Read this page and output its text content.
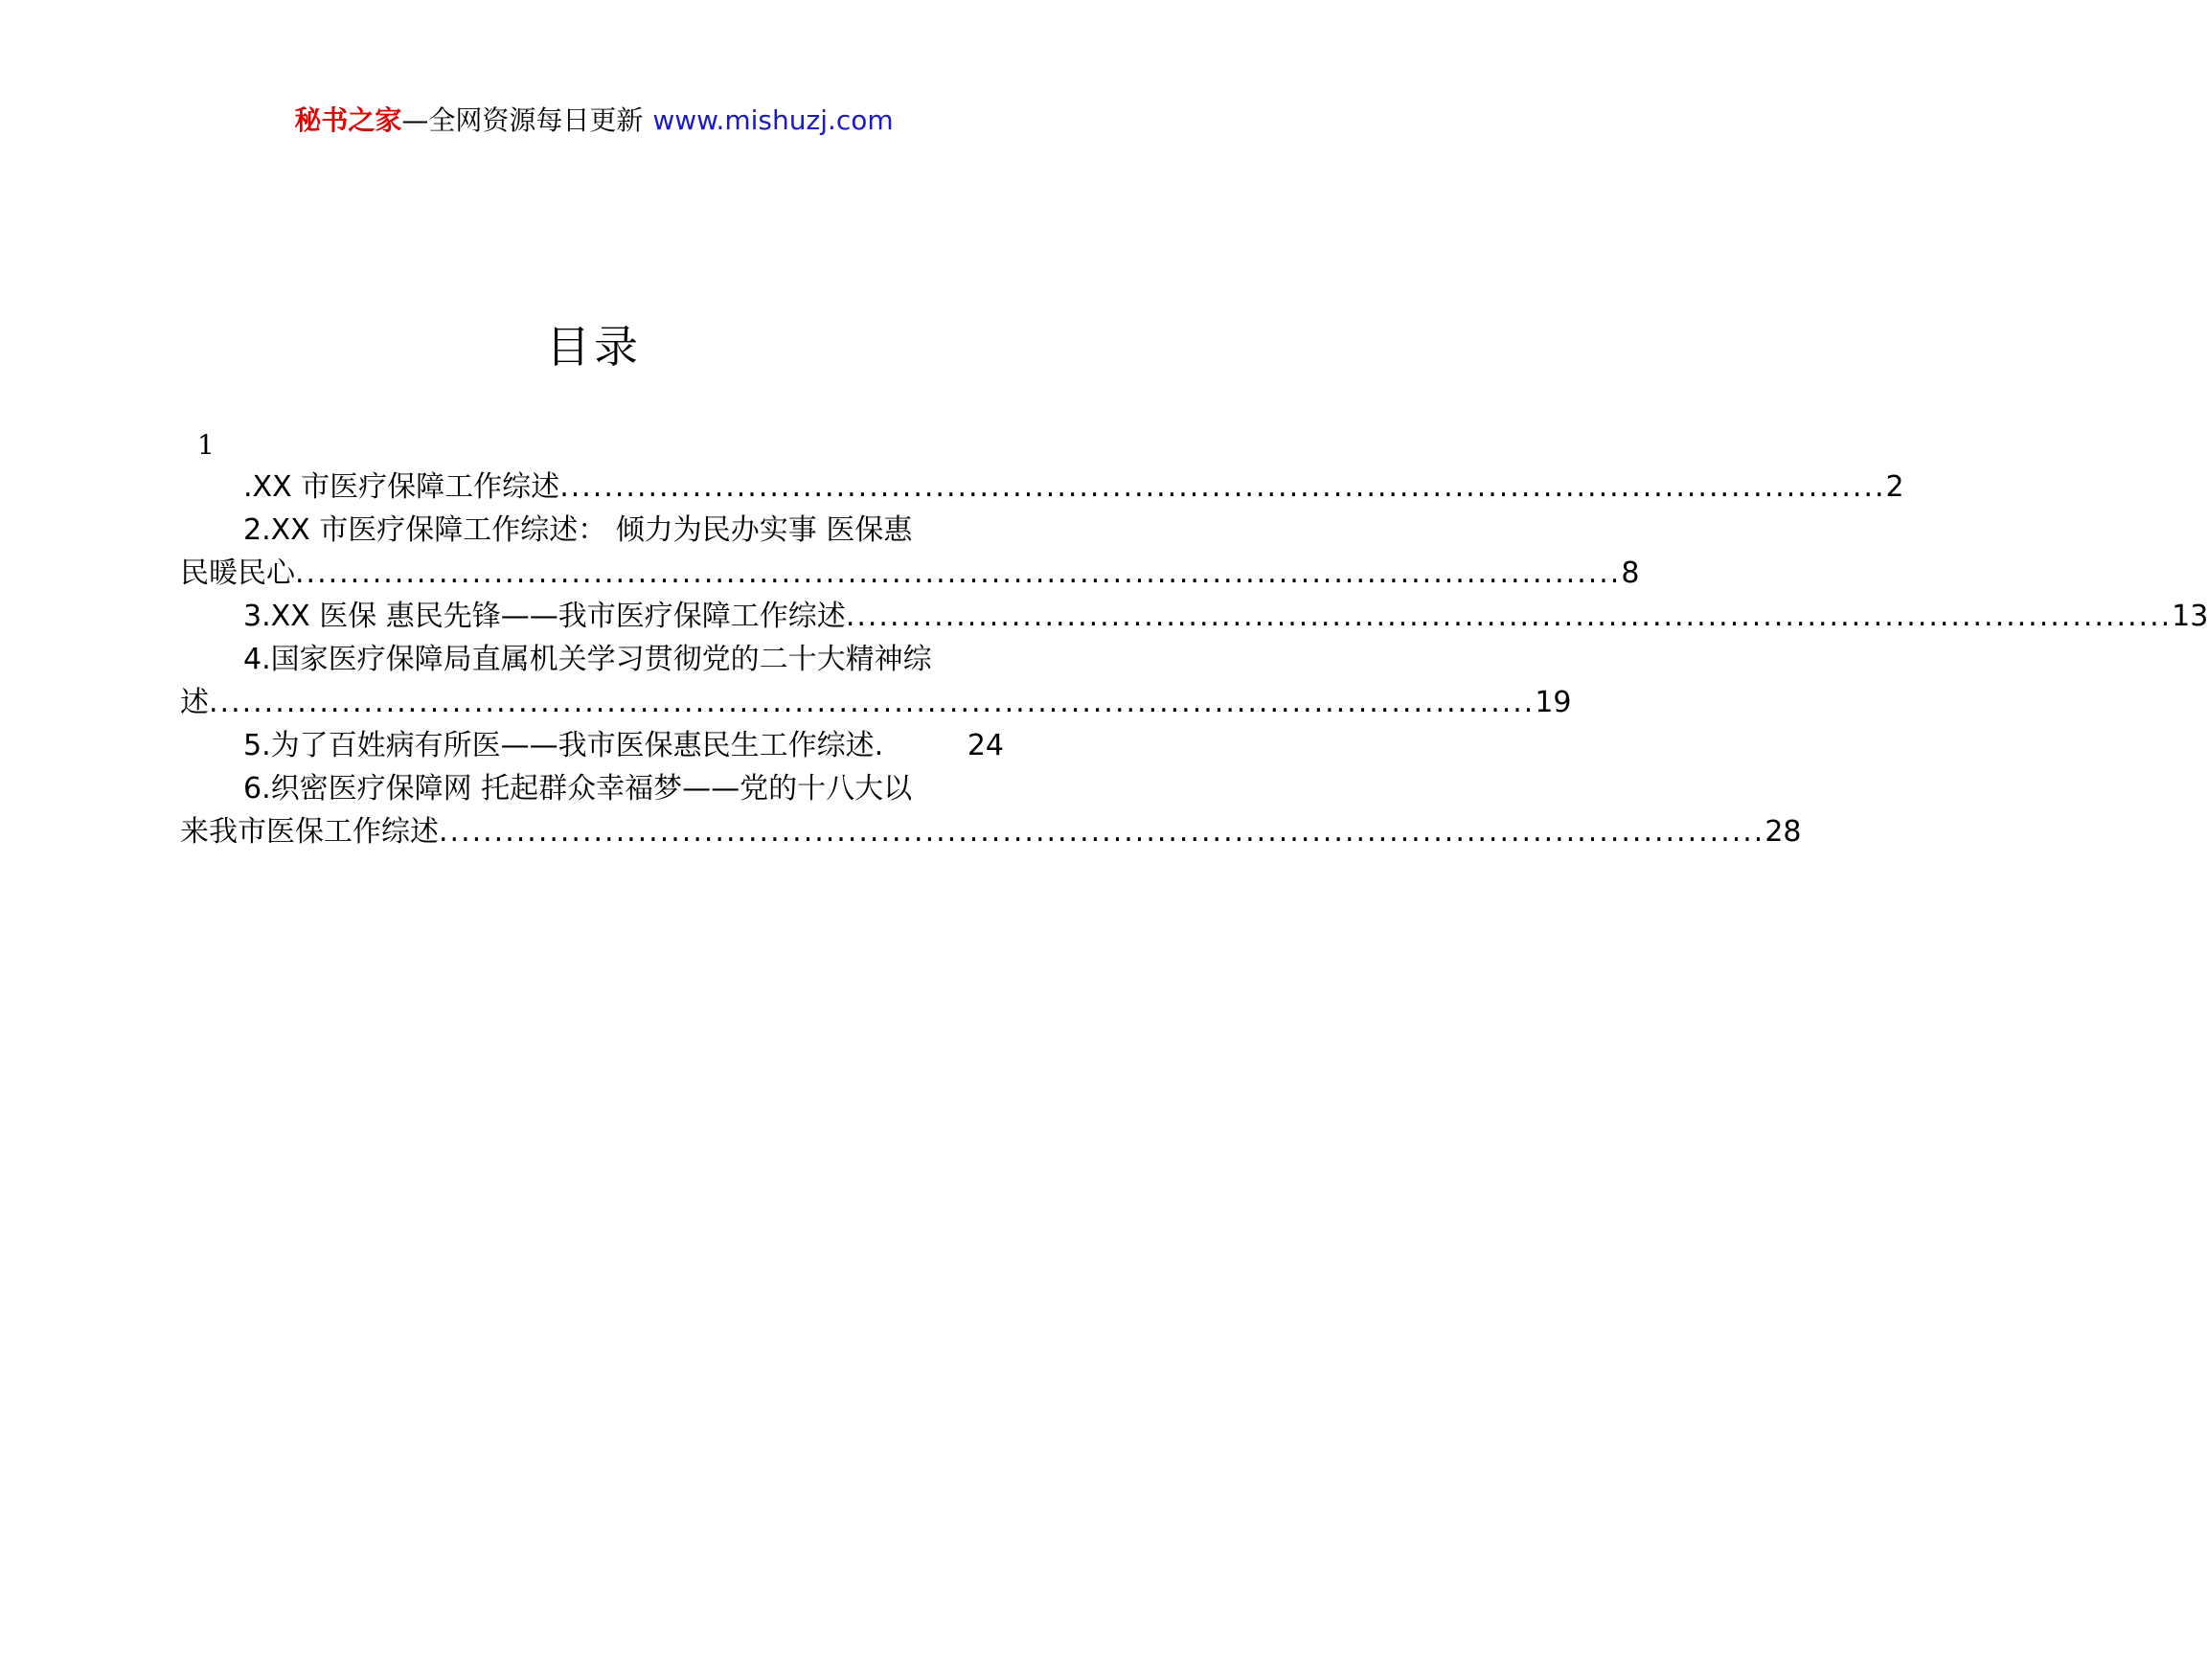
秘书之家—全网资源每日更新 www.mishuzj.com
目录
1
.XX 市医疗保障工作综述 ........................................................................................................................ 2
2.XX 市医疗保障工作综述： 倾力为民办实事 医保惠
民暖民心 ........................................................................................................................ 8
3.XX 医保 惠民先锋——我市医疗保障工作综述 ........................................................................................................................ 13
4.国家医疗保障局直属机关学习贯彻党的二十大精神综
述 ........................................................................................................................ 19
5.为了百姓病有所医——我市医保惠民生工作综述.	24
6.织密医疗保障网 托起群众幸福梦——党的十八大以
来我市医保工作综述 ........................................................................................................................ 28
